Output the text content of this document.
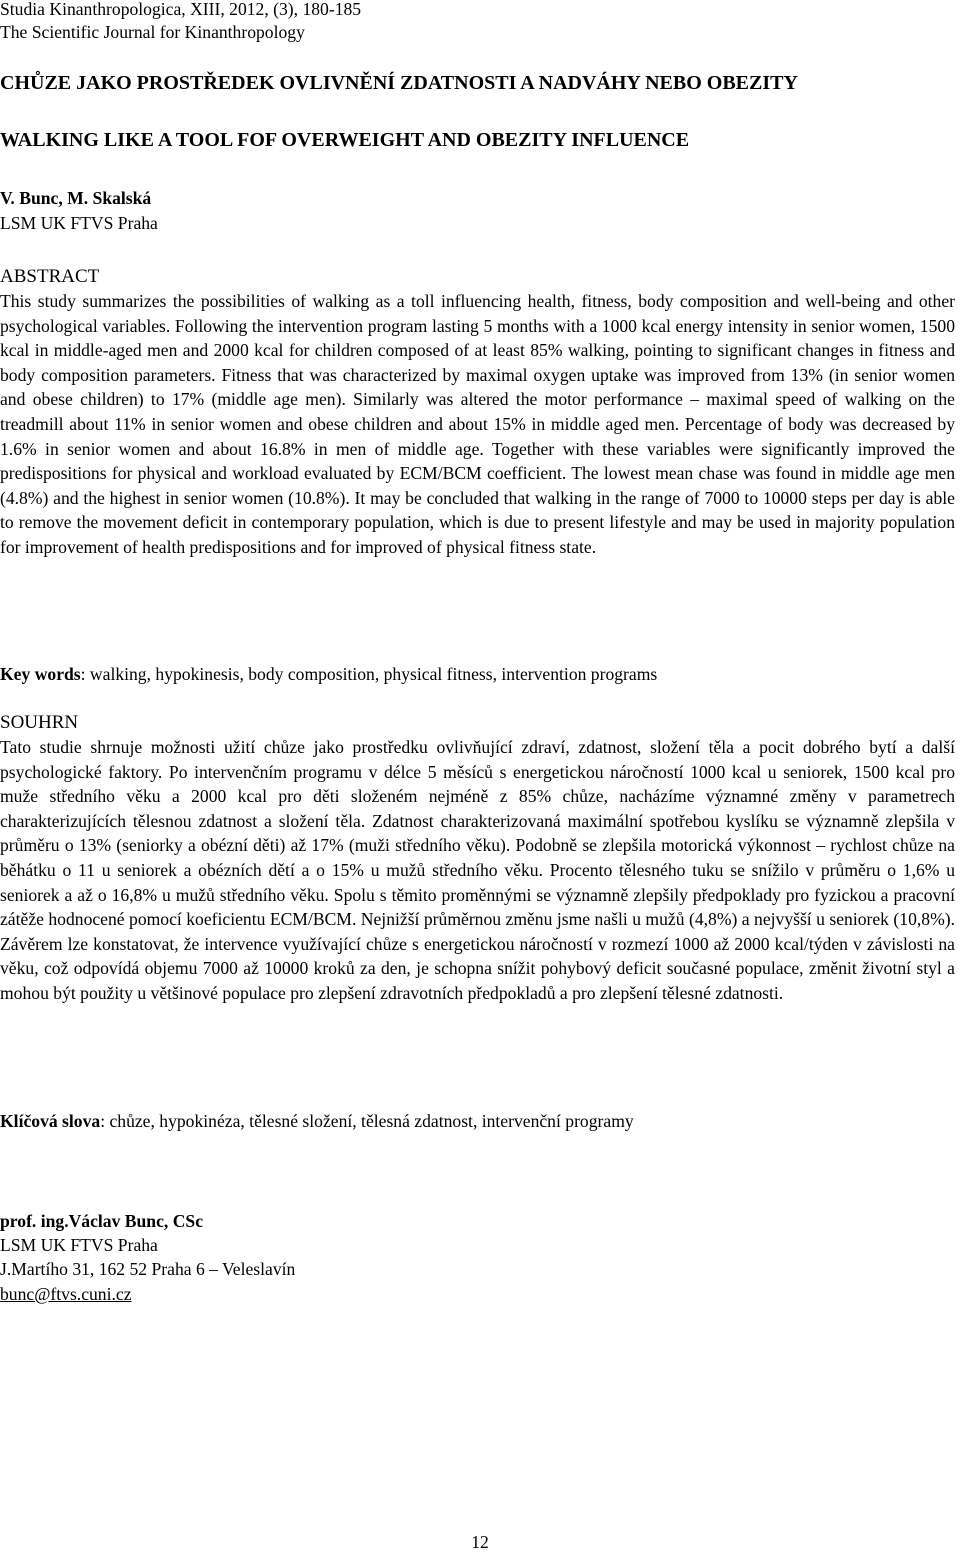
Studia Kinanthropologica, XIII, 2012, (3), 180-185
The Scientific Journal for Kinanthropology
CHŮZE JAKO PROSTŘEDEK OVLIVNĚNÍ ZDATNOSTI A NADVÁHY NEBO OBEZITY
WALKING LIKE A TOOL FOF OVERWEIGHT AND OBEZITY INFLUENCE
V. Bunc, M. Skalská
LSM UK FTVS Praha
ABSTRACT

This study summarizes the possibilities of walking as a toll influencing health, fitness, body composition and well-being and other psychological variables. Following the intervention program lasting 5 months with a 1000 kcal energy intensity in senior women, 1500 kcal in middle-aged men and 2000 kcal for children composed of at least 85% walking, pointing to significant changes in fitness and body composition parameters. Fitness that was characterized by maximal oxygen uptake was improved from 13% (in senior women and obese children) to 17% (middle age men). Similarly was altered the motor performance – maximal speed of walking on the treadmill about 11% in senior women and obese children and about 15% in middle aged men. Percentage of body was decreased by 1.6% in senior women and about 16.8% in men of middle age. Together with these variables were significantly improved the predispositions for physical and workload evaluated by ECM/BCM coefficient. The lowest mean chase was found in middle age men (4.8%) and the highest in senior women (10.8%). It may be concluded that walking in the range of 7000 to 10000 steps per day is able to remove the movement deficit in contemporary population, which is due to present lifestyle and may be used in majority population for improvement of health predispositions and for improved of physical fitness state.

Key words: walking, hypokinesis, body composition, physical fitness, intervention programs

SOUHRN

Tato studie shrnuje možnosti užití chůze jako prostředku ovlivňující zdraví, zdatnost, složení těla a pocit dobrého bytí a další psychologické faktory. Po intervenčním programu v délce 5 měsíců s energetickou náročností 1000 kcal u seniorek, 1500 kcal pro muže středního věku a 2000 kcal pro děti složeném nejméně z 85% chůze, nacházíme významné změny v parametrech charakterizujících tělesnou zdatnost a složení těla. Zdatnost charakterizovaná maximální spotřebou kyslíku se významně zlepšila v průměru o 13% (seniorky a obézní děti) až 17% (muži středního věku). Podobně se zlepšila motorická výkonnost – rychlost chůze na běhátku o 11 u seniorek a obézních dětí a o 15% u mužů středního věku. Procento tělesného tuku se snížilo v průměru o 1,6% u seniorek a až o 16,8% u mužů středního věku. Spolu s těmito proměnnými se významně zlepšily předpoklady pro fyzickou a pracovní zátěže hodnocené pomocí koeficientu ECM/BCM. Nejnižší průměrnou změnu jsme našli u mužů (4,8%) a nejvyšší u seniorek (10,8%). Závěrem lze konstatovat, že intervence využívající chůze s energetickou náročností v rozmezí 1000 až 2000 kcal/týden v závislosti na věku, což odpovídá objemu 7000 až 10000 kroků za den, je schopna snížit pohybový deficit současné populace, změnit životní styl a mohou být použity u většinové populace pro zlepšení zdravotních předpokladů a pro zlepšení tělesné zdatnosti.

Klíčová slova: chůze, hypokinéza, tělesné složení, tělesná zdatnost, intervenční programy

prof. ing.Václav Bunc, CSc
LSM UK FTVS Praha
J.Martího 31, 162 52 Praha 6 – Veleslavín
bunc@ftvs.cuni.cz
12
